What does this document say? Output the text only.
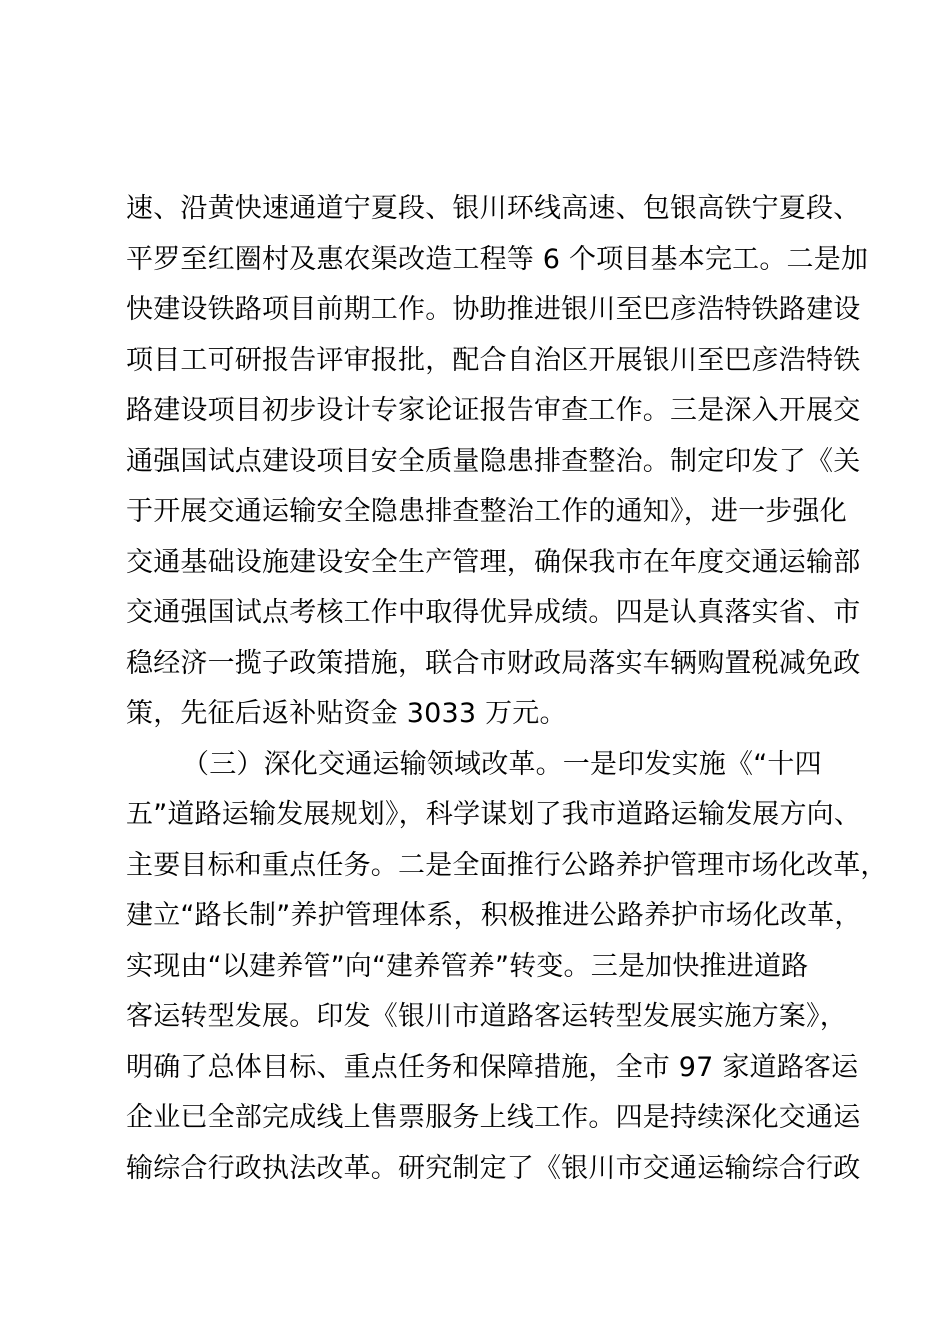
速、沿黄快速通道宁夏段、银川环线高速、包银高铁宁夏段、
平罗至红圈村及惠农渠改造工程等 6 个项目基本完工。二是加
快建设铁路项目前期工作。协助推进银川至巴彦浩特铁路建设
项目工可研报告评审报批，配合自治区开展银川至巴彦浩特铁
路建设项目初步设计专家论证报告审查工作。三是深入开展交
通强国试点建设项目安全质量隐患排查整治。制定印发了《关
于开展交通运输安全隐患排查整治工作的通知》，进一步强化
交通基础设施建设安全生产管理，确保我市在年度交通运输部
交通强国试点考核工作中取得优异成绩。四是认真落实省、市
稳经济一揽子政策措施，联合市财政局落实车辆购置税减免政
策，先征后返补贴资金 3033 万元。
（三）深化交通运输领域改革。一是印发实施《“十四
五”道路运输发展规划》，科学谋划了我市道路运输发展方向、
主要目标和重点任务。二是全面推行公路养护管理市场化改革，
建立“路长制”养护管理体系，积极推进公路养护市场化改革，
实现由“以建养管”向“建养管养”转变。三是加快推进道路
客运转型发展。印发《银川市道路客运转型发展实施方案》，
明确了总体目标、重点任务和保障措施，全市 97 家道路客运
企业已全部完成线上售票服务上线工作。四是持续深化交通运
输综合行政执法改革。研究制定了《银川市交通运输综合行政
